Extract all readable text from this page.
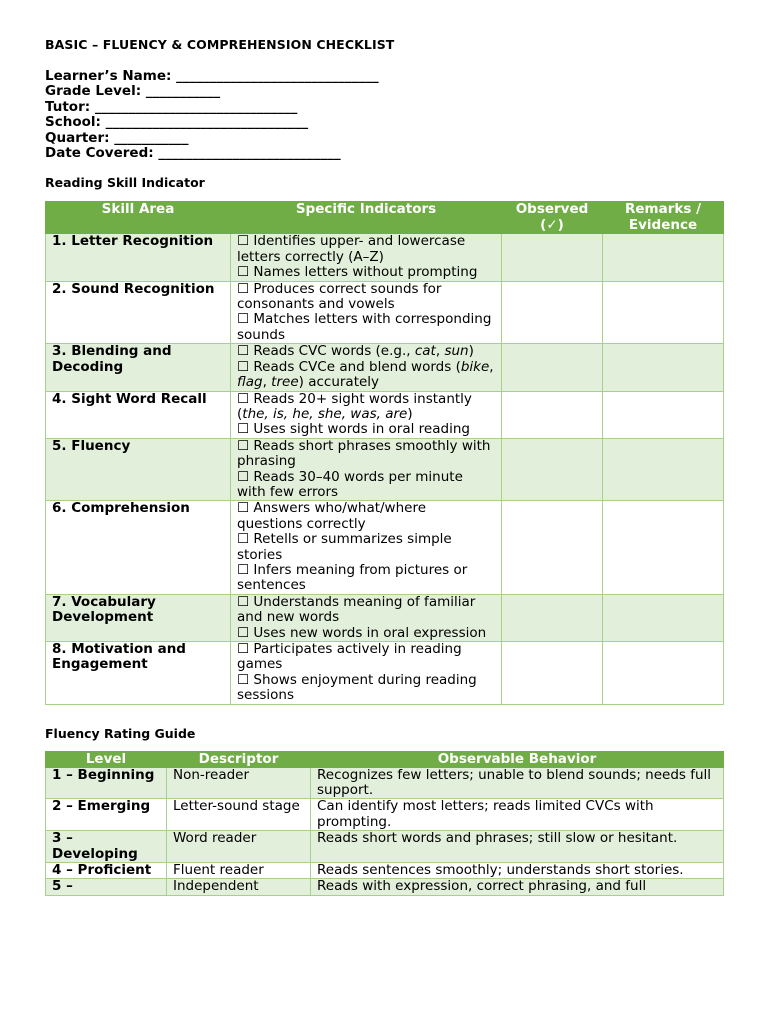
BASIC – FLUENCY & COMPREHENSION CHECKLIST
Learner’s Name: ______________________________
Grade Level: ___________
Tutor: ______________________________
School: ______________________________
Quarter: ___________
Date Covered: ___________________________
Reading Skill Indicator
Skill Area	Specific Indicators	Observed (✓)	Remarks / Evidence
1. Letter Recognition	☐ Identifies upper- and lowercase letters correctly (A–Z)
☐ Names letters without prompting		

2. Sound Recognition	☐ Produces correct sounds for consonants and vowels
☐ Matches letters with corresponding sounds		

3. Blending and Decoding	☐ Reads CVC words (e.g., cat, sun)
☐ Reads CVCe and blend words (bike, flag, tree) accurately		

4. Sight Word Recall	☐ Reads 20+ sight words instantly (the, is, he, she, was, are)
☐ Uses sight words in oral reading		

5. Fluency	☐ Reads short phrases smoothly with phrasing
☐ Reads 30–40 words per minute with few errors		

6. Comprehension	☐ Answers who/what/where questions correctly
☐ Retells or summarizes simple stories
☐ Infers meaning from pictures or sentences		

7. Vocabulary Development	☐ Understands meaning of familiar and new words
☐ Uses new words in oral expression		

8. Motivation and Engagement	☐ Participates actively in reading games
☐ Shows enjoyment during reading sessions		

Fluency Rating Guide
Level	Descriptor	Observable Behavior
1 – Beginning	Non-reader	Recognizes few letters; unable to blend sounds; needs full support.
2 – Emerging	Letter-sound stage	Can identify most letters; reads limited CVCs with prompting.
3 – Developing	Word reader	Reads short words and phrases; still slow or hesitant.
4 – Proficient	Fluent reader	Reads sentences smoothly; understands short stories.
5 –	Independent	Reads with expression, correct phrasing, and full
